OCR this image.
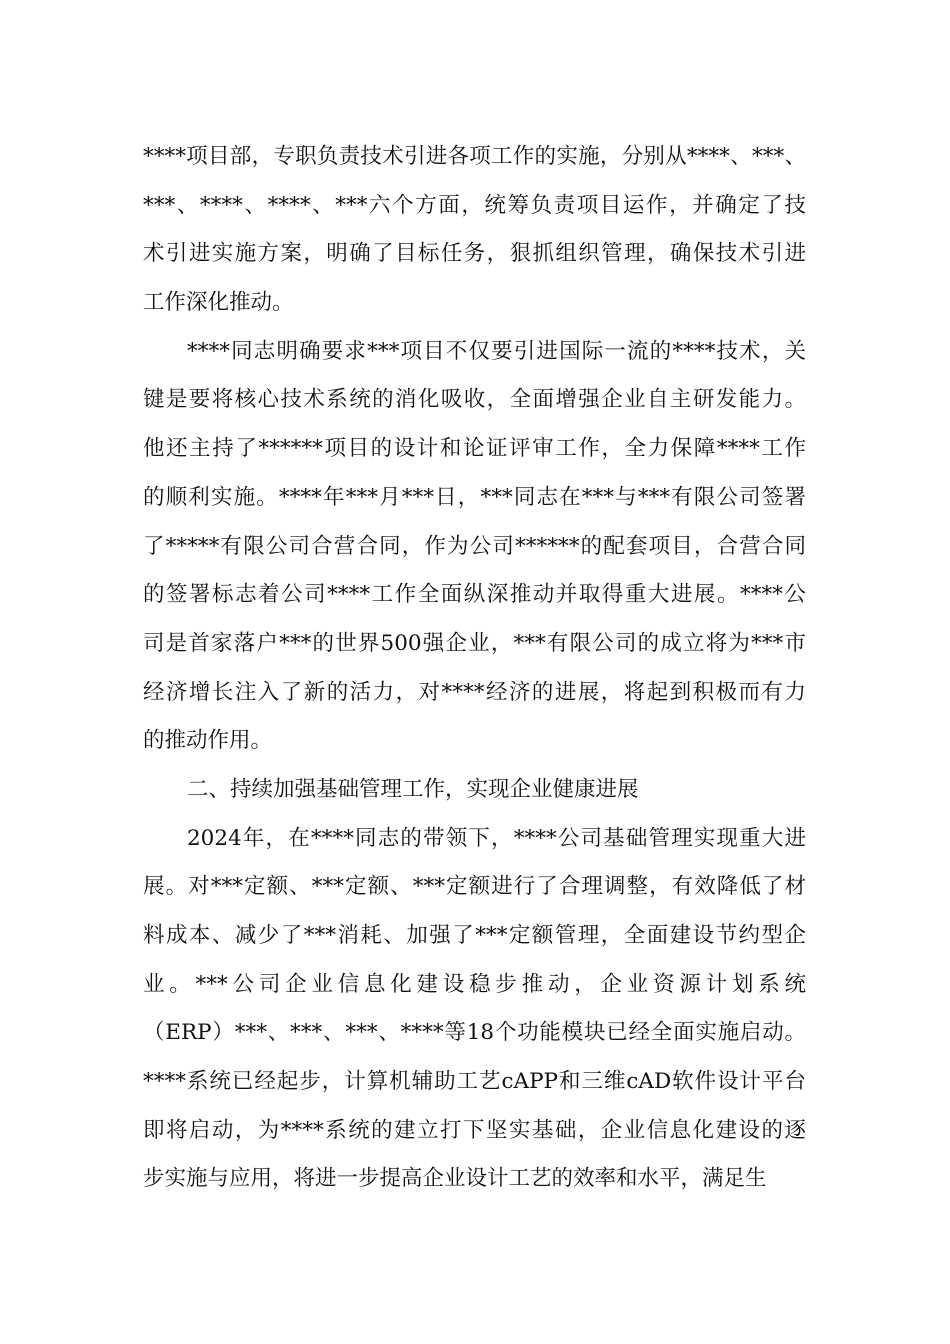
****项目部，专职负责技术引进各项工作的实施，分别从****、***、
***、****、****、***六个方面，统筹负责项目运作，并确定了技
术引进实施方案，明确了目标任务，狠抓组织管理，确保技术引进
工作深化推动。
****同志明确要求***项目不仅要引进国际一流的****技术，关
键是要将核心技术系统的消化吸收，全面增强企业自主研发能力。
他还主持了******项目的设计和论证评审工作，全力保障****工作
的顺利实施。****年***月***日，***同志在***与***有限公司签署
了*****有限公司合营合同，作为公司******的配套项目，合营合同
的签署标志着公司****工作全面纵深推动并取得重大进展。****公
司是首家落户***的世界500强企业，***有限公司的成立将为***市
经济增长注入了新的活力，对****经济的进展，将起到积极而有力
的推动作用。
二、持续加强基础管理工作，实现企业健康进展
2024年，在****同志的带领下，****公司基础管理实现重大进
展。对***定额、***定额、***定额进行了合理调整，有效降低了材
料成本、减少了***消耗、加强了***定额管理，全面建设节约型企
业。***公司企业信息化建设稳步推动，企业资源计划系统
（ERP）***、***、***、****等18个功能模块已经全面实施启动。
****系统已经起步，计算机辅助工艺cAPP和三维cAD软件设计平台
即将启动，为****系统的建立打下坚实基础，企业信息化建设的逐
步实施与应用，将进一步提高企业设计工艺的效率和水平，满足生
